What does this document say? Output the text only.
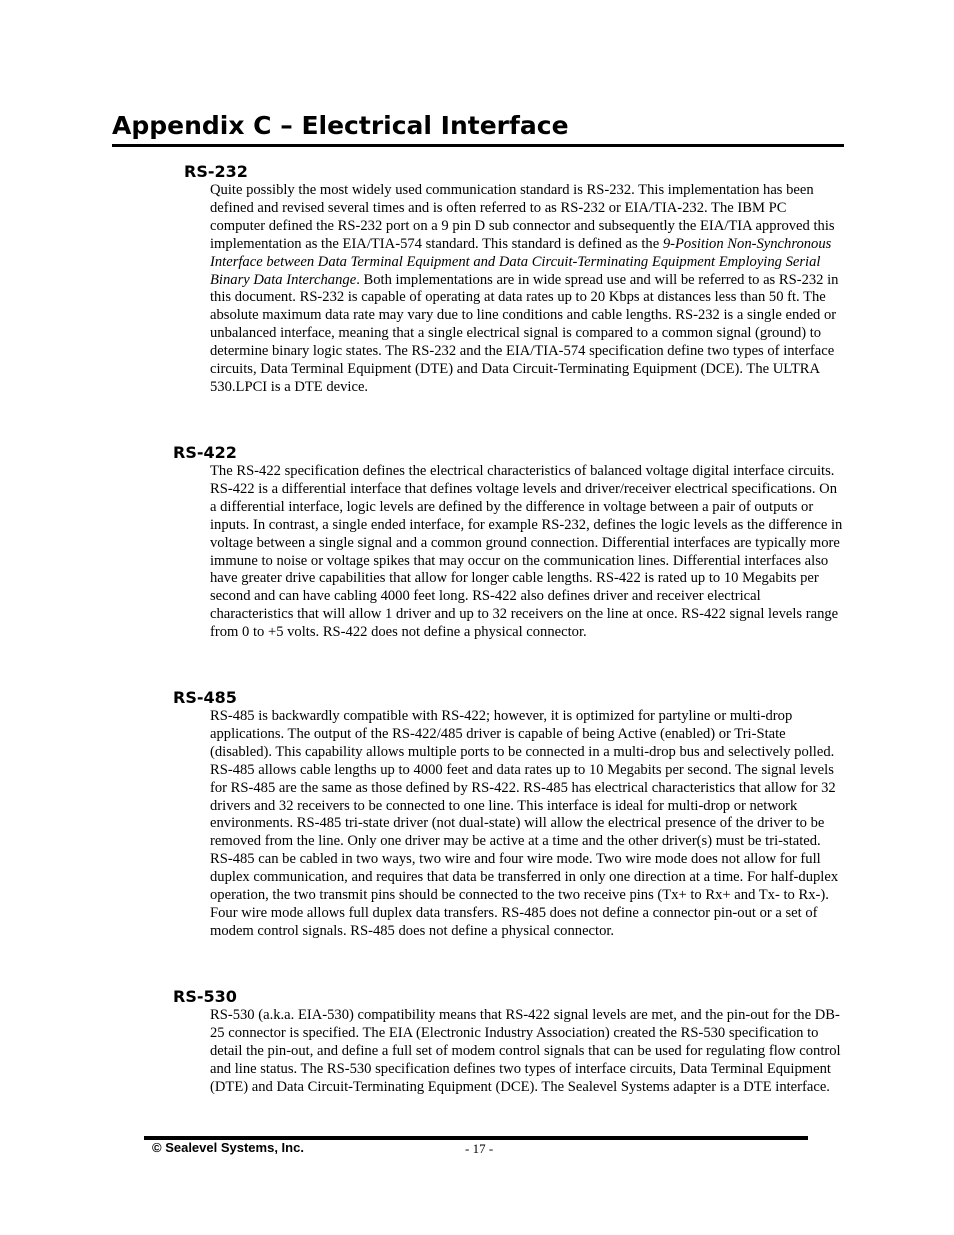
Appendix C – Electrical Interface
RS-232

Quite possibly the most widely used communication standard is RS-232. This implementation has been defined and revised several times and is often referred to as RS-232 or EIA/TIA-232. The IBM PC computer defined the RS-232 port on a 9 pin D sub connector and subsequently the EIA/TIA approved this implementation as the EIA/TIA-574 standard. This standard is defined as the 9-Position Non-Synchronous Interface between Data Terminal Equipment and Data Circuit-Terminating Equipment Employing Serial Binary Data Interchange. Both implementations are in wide spread use and will be referred to as RS-232 in this document. RS-232 is capable of operating at data rates up to 20 Kbps at distances less than 50 ft. The absolute maximum data rate may vary due to line conditions and cable lengths. RS-232 is a single ended or unbalanced interface, meaning that a single electrical signal is compared to a common signal (ground) to determine binary logic states. The RS-232 and the EIA/TIA-574 specification define two types of interface circuits, Data Terminal Equipment (DTE) and Data Circuit-Terminating Equipment (DCE). The ULTRA 530.LPCI is a DTE device.

RS-422

The RS-422 specification defines the electrical characteristics of balanced voltage digital interface circuits. RS-422 is a differential interface that defines voltage levels and driver/receiver electrical specifications. On a differential interface, logic levels are defined by the difference in voltage between a pair of outputs or inputs. In contrast, a single ended interface, for example RS-232, defines the logic levels as the difference in voltage between a single signal and a common ground connection. Differential interfaces are typically more immune to noise or voltage spikes that may occur on the communication lines. Differential interfaces also have greater drive capabilities that allow for longer cable lengths. RS-422 is rated up to 10 Megabits per second and can have cabling 4000 feet long. RS-422 also defines driver and receiver electrical characteristics that will allow 1 driver and up to 32 receivers on the line at once. RS-422 signal levels range from 0 to +5 volts. RS-422 does not define a physical connector.

RS-485

RS-485 is backwardly compatible with RS-422; however, it is optimized for partyline or multi-drop applications. The output of the RS-422/485 driver is capable of being Active (enabled) or Tri-State (disabled). This capability allows multiple ports to be connected in a multi-drop bus and selectively polled. RS-485 allows cable lengths up to 4000 feet and data rates up to 10 Megabits per second. The signal levels for RS-485 are the same as those defined by RS-422. RS-485 has electrical characteristics that allow for 32 drivers and 32 receivers to be connected to one line. This interface is ideal for multi-drop or network environments. RS-485 tri-state driver (not dual-state) will allow the electrical presence of the driver to be removed from the line. Only one driver may be active at a time and the other driver(s) must be tri-stated. RS-485 can be cabled in two ways, two wire and four wire mode. Two wire mode does not allow for full duplex communication, and requires that data be transferred in only one direction at a time. For half-duplex operation, the two transmit pins should be connected to the two receive pins (Tx+ to Rx+ and Tx- to Rx-). Four wire mode allows full duplex data transfers. RS-485 does not define a connector pin-out or a set of modem control signals. RS-485 does not define a physical connector.

RS-530

RS-530 (a.k.a. EIA-530) compatibility means that RS-422 signal levels are met, and the pin-out for the DB-25 connector is specified. The EIA (Electronic Industry Association) created the RS-530 specification to detail the pin-out, and define a full set of modem control signals that can be used for regulating flow control and line status. The RS-530 specification defines two types of interface circuits, Data Terminal Equipment (DTE) and Data Circuit-Terminating Equipment (DCE). The Sealevel Systems adapter is a DTE interface.

© Sealevel Systems, Inc.	- 17 -
